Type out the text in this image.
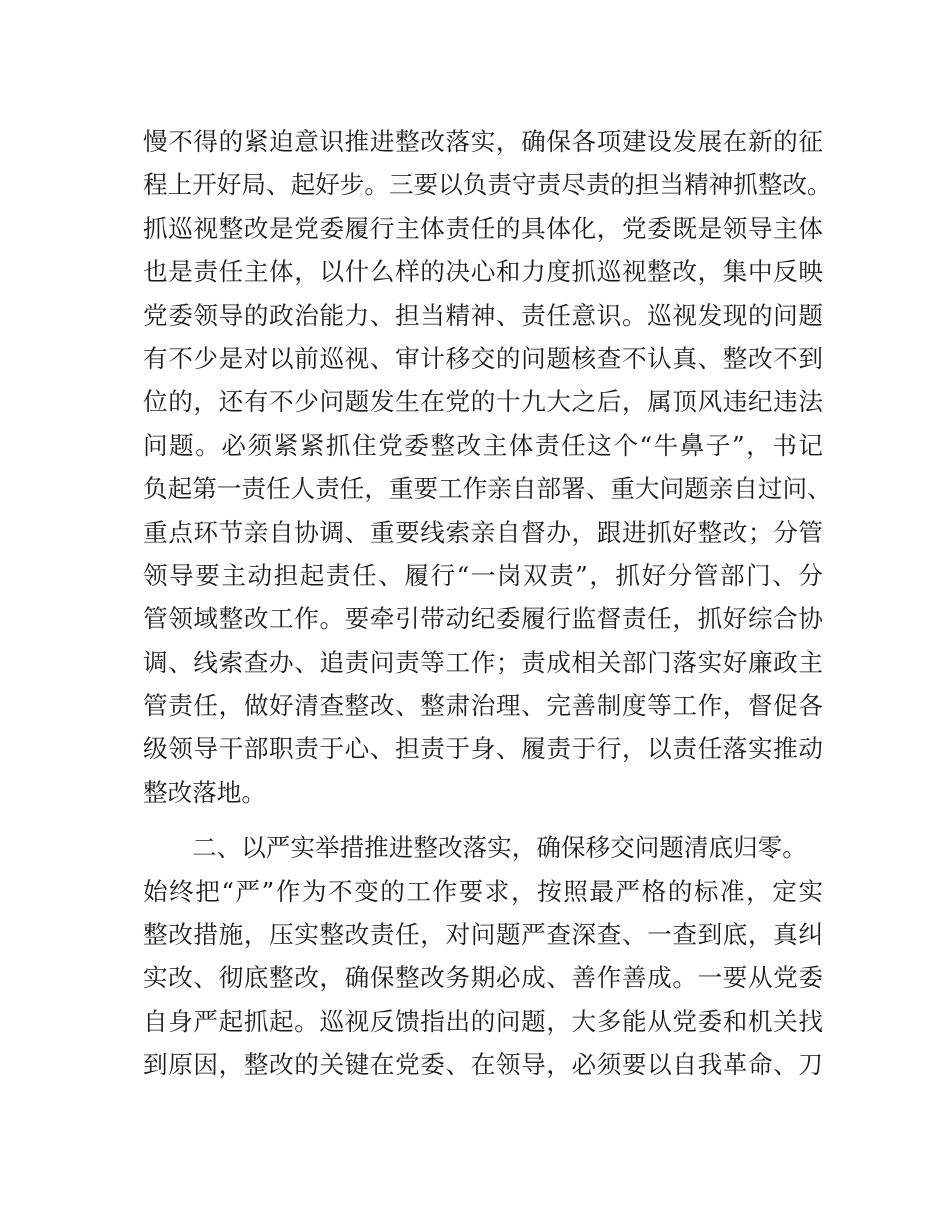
慢不得的紧迫意识推进整改落实，确保各项建设发展在新的征
程上开好局、起好步。三要以负责守责尽责的担当精神抓整改。
抓巡视整改是党委履行主体责任的具体化，党委既是领导主体
也是责任主体，以什么样的决心和力度抓巡视整改，集中反映
党委领导的政治能力、担当精神、责任意识。巡视发现的问题
有不少是对以前巡视、审计移交的问题核查不认真、整改不到
位的，还有不少问题发生在党的十九大之后，属顶风违纪违法
问题。必须紧紧抓住党委整改主体责任这个“牛鼻子”，书记
负起第一责任人责任，重要工作亲自部署、重大问题亲自过问、
重点环节亲自协调、重要线索亲自督办，跟进抓好整改；分管
领导要主动担起责任、履行“一岗双责”，抓好分管部门、分
管领域整改工作。要牵引带动纪委履行监督责任，抓好综合协
调、线索查办、追责问责等工作；责成相关部门落实好廉政主
管责任，做好清查整改、整肃治理、完善制度等工作，督促各
级领导干部职责于心、担责于身、履责于行，以责任落实推动
整改落地。
二、以严实举措推进整改落实，确保移交问题清底归零。
始终把“严”作为不变的工作要求，按照最严格的标准，定实
整改措施，压实整改责任，对问题严查深查、一查到底，真纠
实改、彻底整改，确保整改务期必成、善作善成。一要从党委
自身严起抓起。巡视反馈指出的问题，大多能从党委和机关找
到原因，整改的关键在党委、在领导，必须要以自我革命、刀
